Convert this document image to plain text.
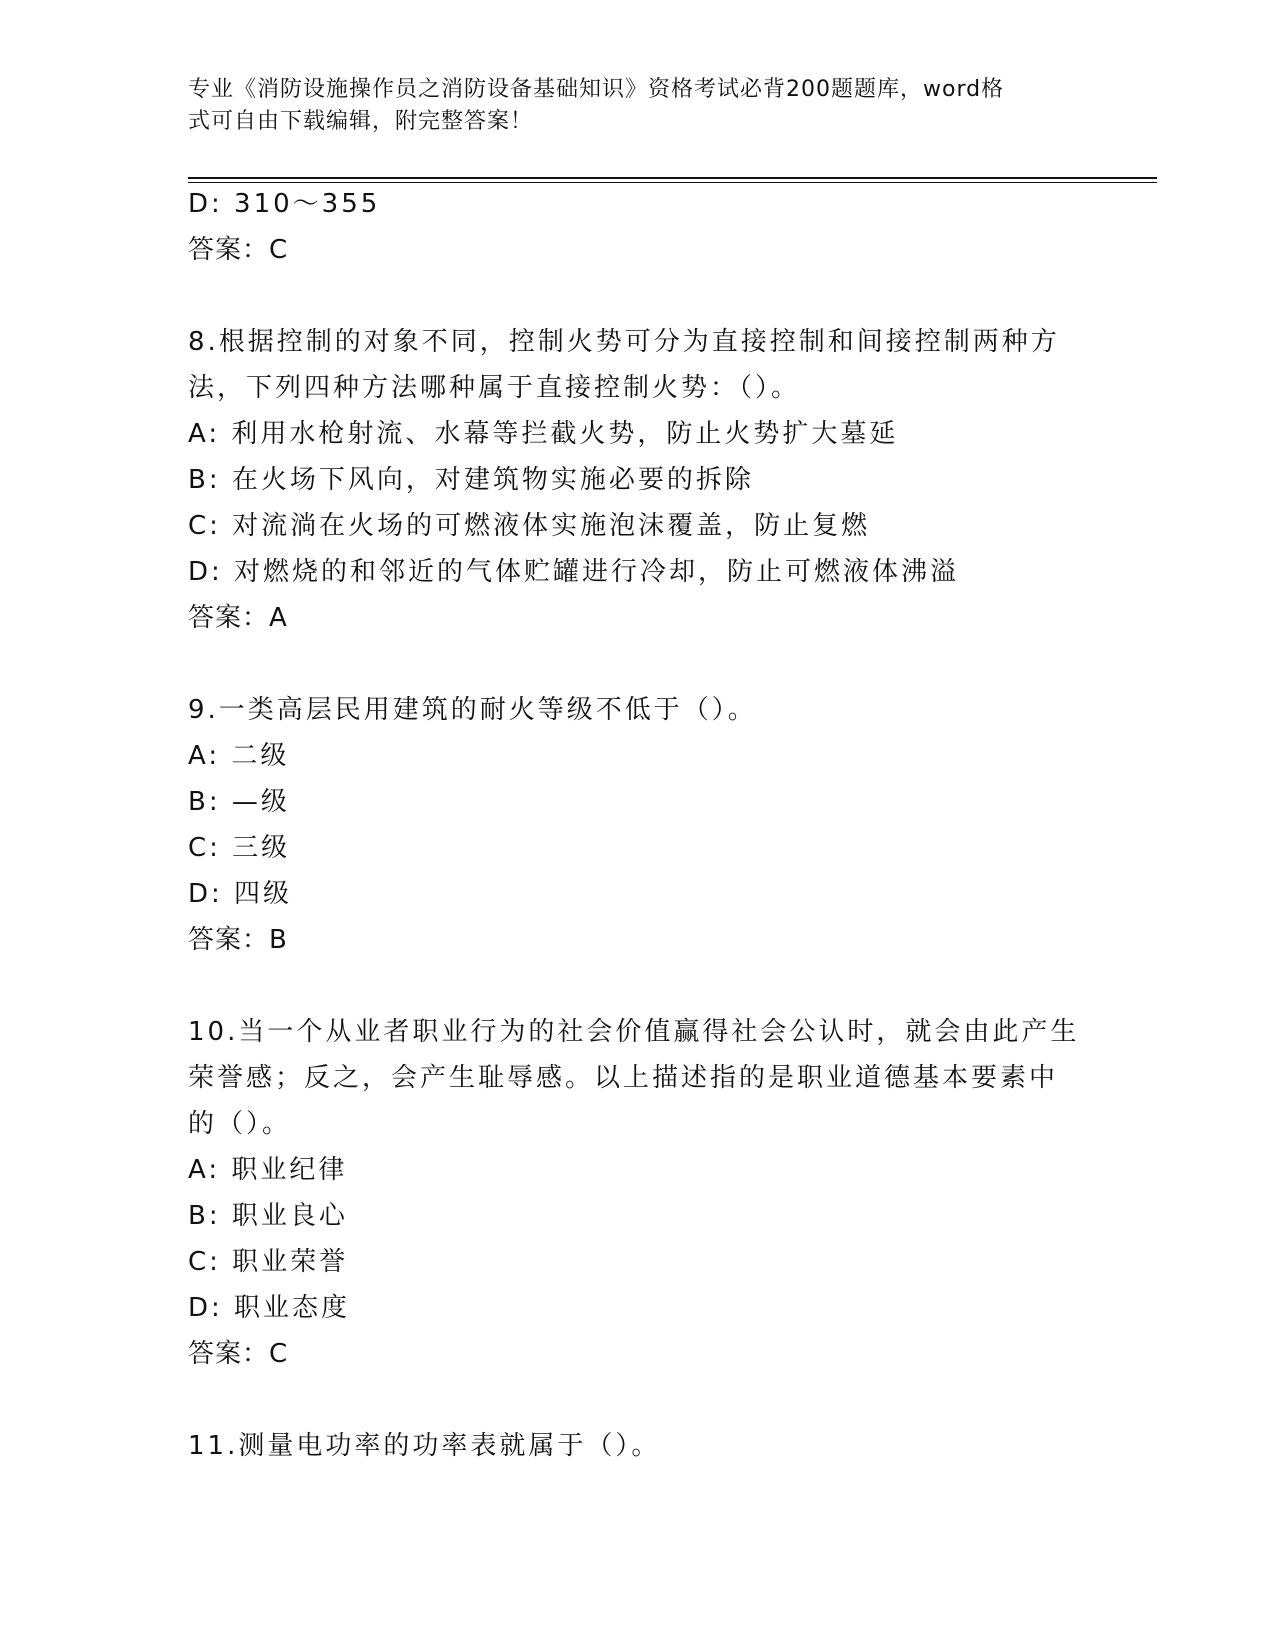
专业《消防设施操作员之消防设备基础知识》资格考试必背200题题库，word格
式可自由下载编辑，附完整答案！
D: 310～355
答案：C
8.根据控制的对象不同，控制火势可分为直接控制和间接控制两种方
法，下列四种方法哪种属于直接控制火势：（）。
A: 利用水枪射流、水幕等拦截火势，防止火势扩大墓延
B: 在火场下风向，对建筑物实施必要的拆除
C: 对流淌在火场的可燃液体实施泡沫覆盖，防止复燃
D: 对燃烧的和邻近的气体贮罐进行冷却，防止可燃液体沸溢
答案：A
9.一类高层民用建筑的耐火等级不低于（）。
A: 二级
B: —级
C: 三级
D: 四级
答案：B
10.当一个从业者职业行为的社会价值赢得社会公认时，就会由此产生
荣誉感；反之，会产生耻辱感。以上描述指的是职业道德基本要素中
的（）。
A: 职业纪律
B: 职业良心
C: 职业荣誉
D: 职业态度
答案：C
11.测量电功率的功率表就属于（）。
